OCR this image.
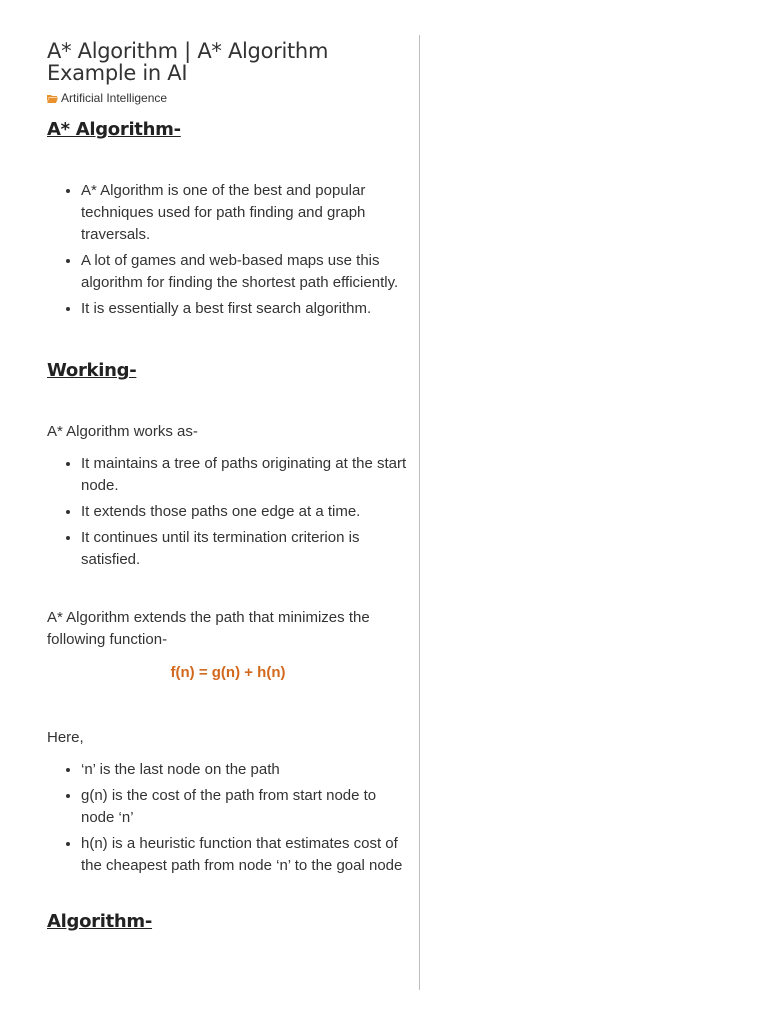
A* Algorithm | A* Algorithm Example in AI
Artificial Intelligence
A* Algorithm-
• A* Algorithm is one of the best and popular techniques used for path finding and graph traversals.
• A lot of games and web-based maps use this algorithm for finding the shortest path efficiently.
• It is essentially a best first search algorithm.
Working-

A* Algorithm works as-

• It maintains a tree of paths originating at the start node.
• It extends those paths one edge at a time.
• It continues until its termination criterion is satisfied.

A* Algorithm extends the path that minimizes the following function-

f(n) = g(n) + h(n)

Here,

• ‘n’ is the last node on the path
• g(n) is the cost of the path from start node to node ‘n’
• h(n) is a heuristic function that estimates cost of the cheapest path from node ‘n’ to the goal node
Algorithm-
